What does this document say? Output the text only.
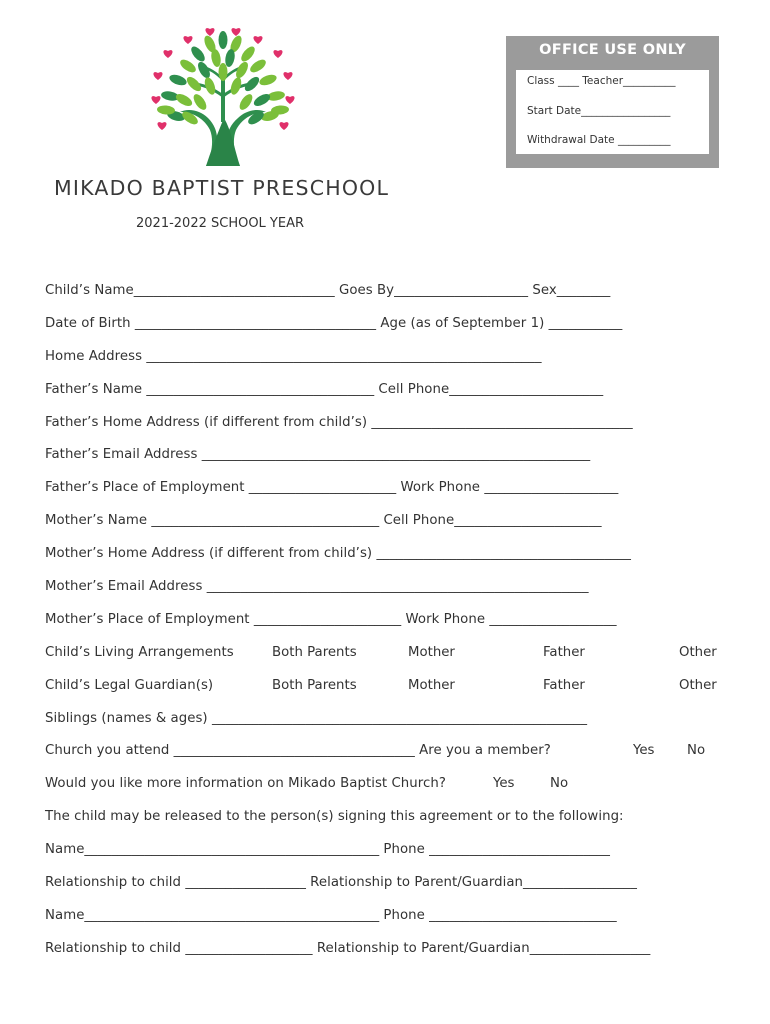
MIKADO BAPTIST PRESCHOOL
2021-2022 SCHOOL YEAR
OFFICE USE ONLY
Class ____ Teacher__________
Start Date_________________
Withdrawal Date __________
Child’s Name______________________________ Goes By____________________ Sex________
Date of Birth ____________________________________ Age (as of September 1) ___________
Home Address ___________________________________________________________
Father’s Name __________________________________ Cell Phone_______________________
Father’s Home Address (if different from child’s) _______________________________________
Father’s Email Address __________________________________________________________
Father’s Place of Employment ______________________ Work Phone ____________________
Mother’s Name __________________________________ Cell Phone______________________
Mother’s Home Address (if different from child’s) ______________________________________
Mother’s Email Address _________________________________________________________
Mother’s Place of Employment ______________________ Work Phone ___________________
Child’s Living Arrangements	Both Parents	Mother	Father	Other
Child’s Legal Guardian(s)	Both Parents	Mother	Father	Other
Siblings (names & ages) ________________________________________________________
Church you attend ____________________________________ Are you a member?	Yes No
Would you like more information on Mikado Baptist Church?	Yes	No
The child may be released to the person(s) signing this agreement or to the following:
Name____________________________________________ Phone ___________________________
Relationship to child __________________ Relationship to Parent/Guardian_________________
Name____________________________________________ Phone ____________________________
Relationship to child ___________________ Relationship to Parent/Guardian__________________
